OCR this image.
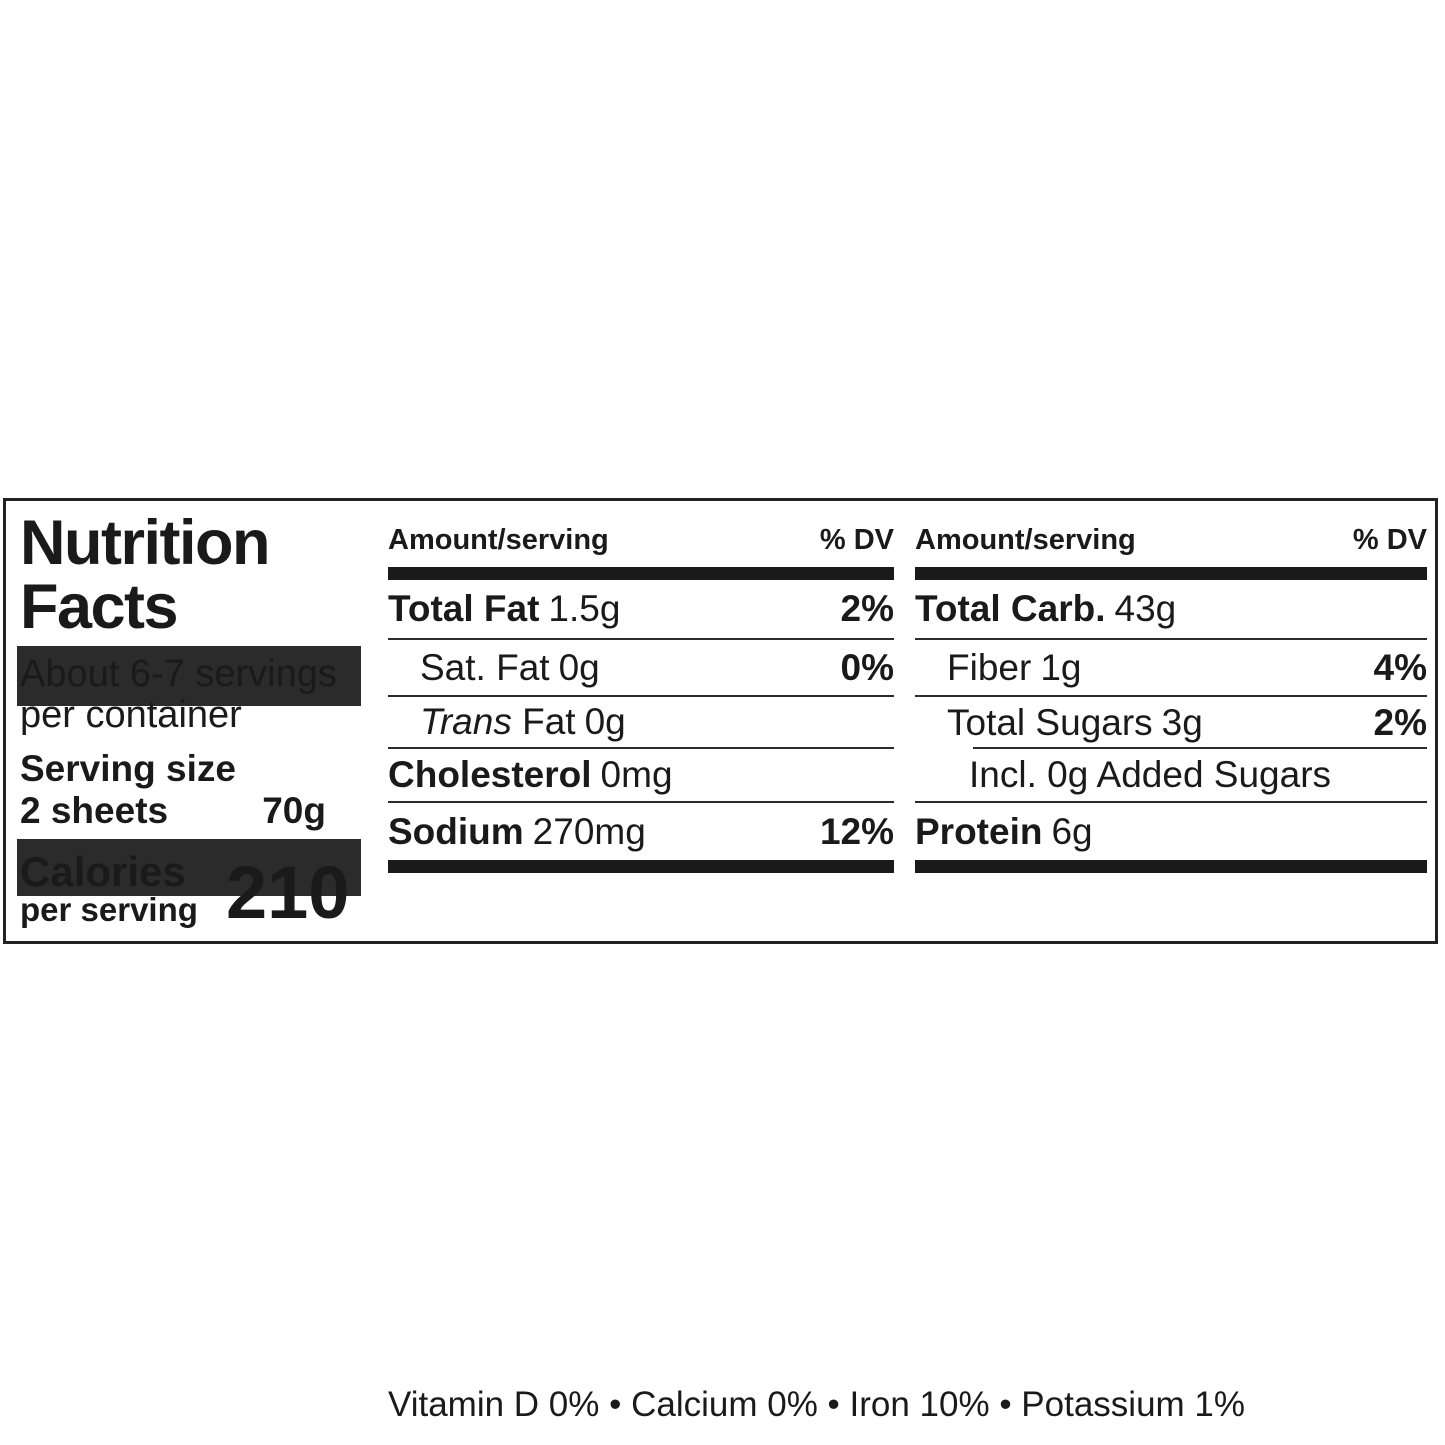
Nutrition
Facts
About 6-7 servings
per container
Serving size
2 sheets	70g
Calories
per serving 210
Amount/serving	% DV
Total Fat 1.5g	2%
Sat. Fat 0g	0%
Trans Fat 0g
Cholesterol 0mg
Sodium 270mg	12%
Amount/serving	% DV
Total Carb. 43g
Fiber 1g	4%
Total Sugars 3g	2%
Incl. 0g Added Sugars
Protein 6g
Vitamin D 0% • Calcium 0% • Iron 10% • Potassium 1%
